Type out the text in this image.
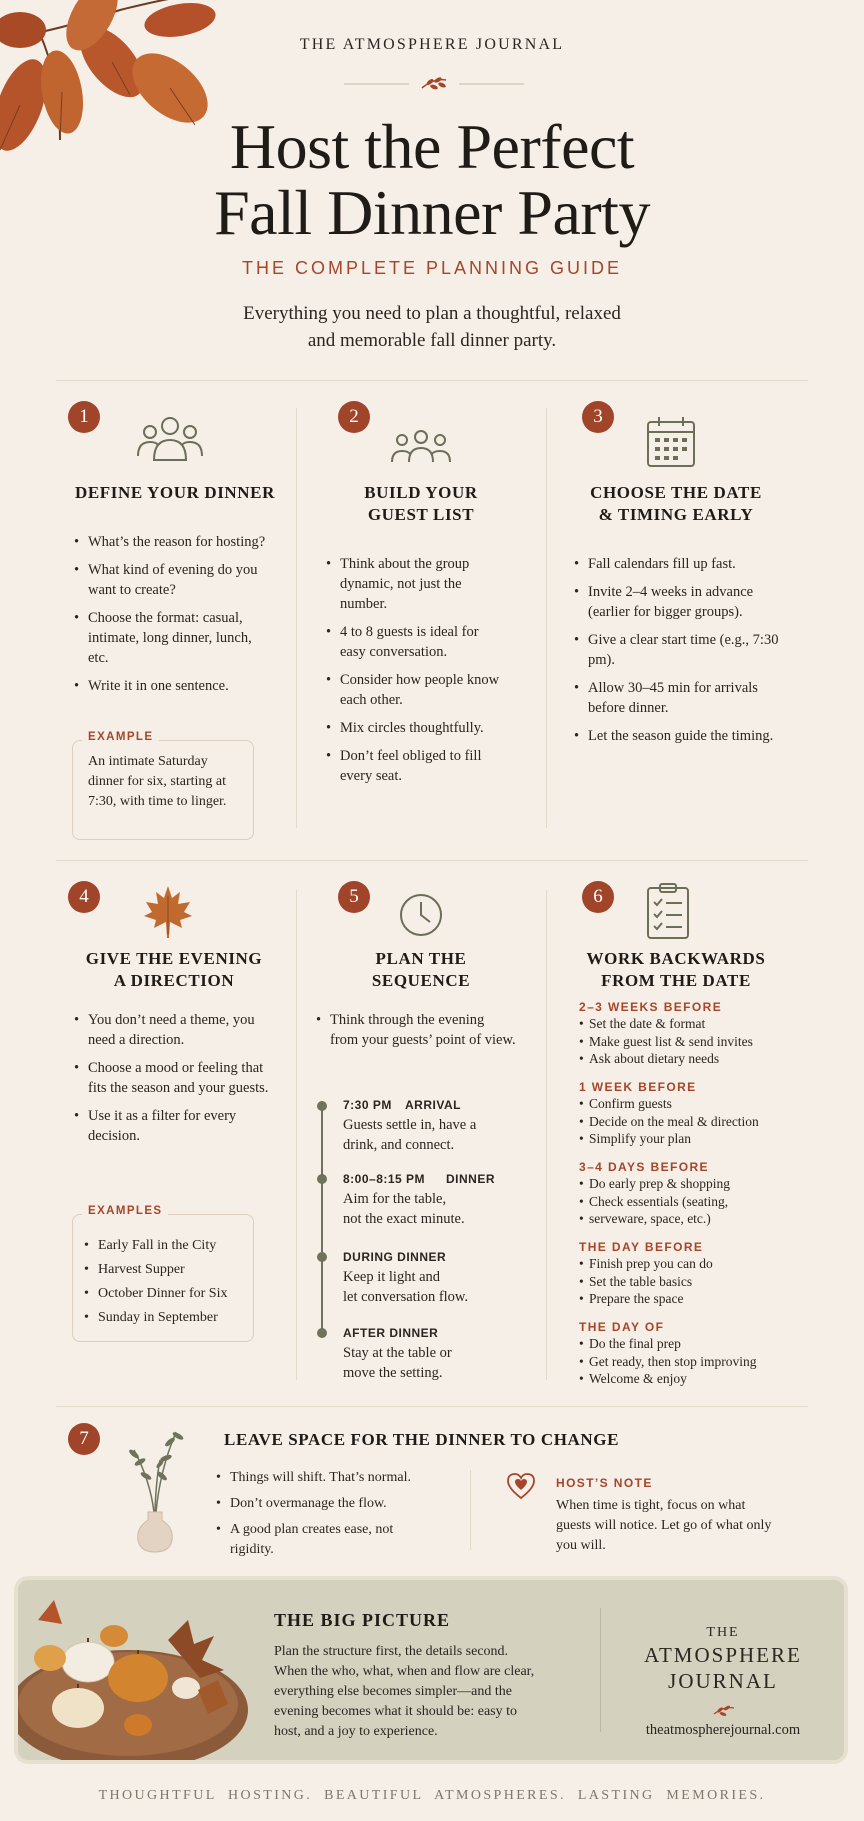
THE ATMOSPHERE JOURNAL
Host the Perfect
Fall Dinner Party
THE COMPLETE PLANNING GUIDE
Everything you need to plan a thoughtful, relaxed
and memorable fall dinner party.
1
DEFINE YOUR DINNER
• What’s the reason for hosting?
• What kind of evening do you want to create?
• Choose the format: casual, intimate, long dinner, lunch, etc.
• Write it in one sentence.
EXAMPLE
An intimate Saturday dinner for six, starting at 7:30, with time to linger.
2
BUILD YOUR
GUEST LIST
• Think about the group dynamic, not just the number.
• 4 to 8 guests is ideal for easy conversation.
• Consider how people know each other.
• Mix circles thoughtfully.
• Don’t feel obliged to fill every seat.
3
CHOOSE THE DATE
& TIMING EARLY
• Fall calendars fill up fast.
• Invite 2–4 weeks in advance (earlier for bigger groups).
• Give a clear start time (e.g., 7:30 pm).
• Allow 30–45 min for arrivals before dinner.
• Let the season guide the timing.
4
GIVE THE EVENING
A DIRECTION
• You don’t need a theme, you need a direction.
• Choose a mood or feeling that fits the season and your guests.
• Use it as a filter for every decision.
EXAMPLES
• Early Fall in the City
• Harvest Supper
• October Dinner for Six
• Sunday in September
5
PLAN THE
SEQUENCE
• Think through the evening from your guests’ point of view.
7:30 PM ARRIVAL
Guests settle in, have a
drink, and connect.
8:00–8:15 PM DINNER
Aim for the table,
not the exact minute.
DURING DINNER
Keep it light and
let conversation flow.
AFTER DINNER
Stay at the table or
move the setting.
6
WORK BACKWARDS
FROM THE DATE
2–3 WEEKS BEFORE
• Set the date & format
• Make guest list & send invites
• Ask about dietary needs
1 WEEK BEFORE
• Confirm guests
• Decide on the meal & direction
• Simplify your plan
3–4 DAYS BEFORE
• Do early prep & shopping
• Check essentials (seating,
• serveware, space, etc.)
THE DAY BEFORE
• Finish prep you can do
• Set the table basics
• Prepare the space
THE DAY OF
• Do the final prep
• Get ready, then stop improving
• Welcome & enjoy
7	LEAVE SPACE FOR THE DINNER TO CHANGE
• Things will shift. That’s normal.
• Don’t overmanage the flow.
• A good plan creates ease, not rigidity.
HOST’S NOTE
When time is tight, focus on what guests will notice. Let go of what only you will.
THE BIG PICTURE
Plan the structure first, the details second. When the who, what, when and flow are clear, everything else becomes simpler—and the evening becomes what it should be: easy to host, and a joy to experience.
THE
ATMOSPHERE
JOURNAL
theatmospherejournal.com
THOUGHTFUL HOSTING. BEAUTIFUL ATMOSPHERES. LASTING MEMORIES.
